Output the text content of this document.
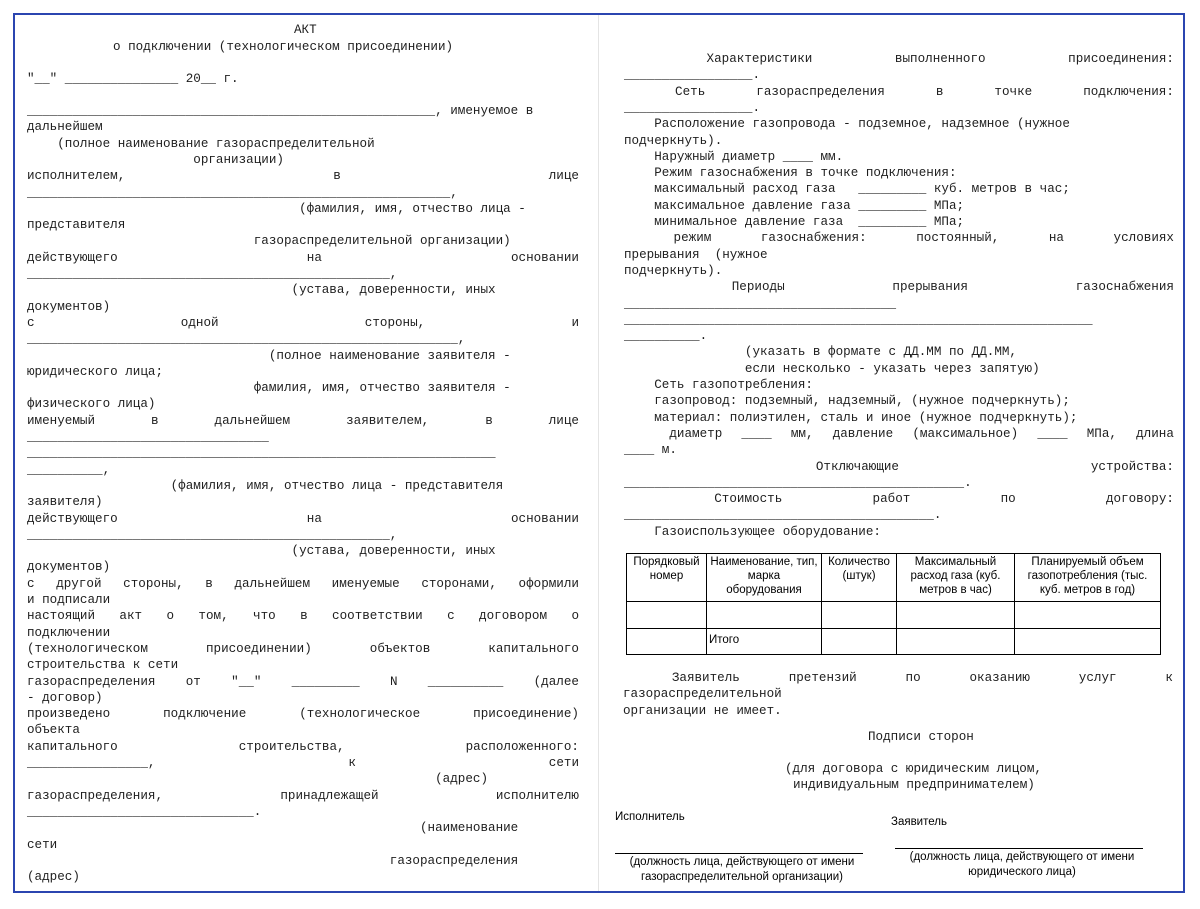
АКТ
о подключении (технологическом присоединении)
"__" _______________ 20__ г.
______________________________________________________, именуемое в
дальнейшем
(полное наименование газораспределительной
организации)
исполнителем,	в	лице
________________________________________________________,
(фамилия, имя, отчество лица -
представителя
газораспределительной организации)
действующего	на	основании
________________________________________________,
(устава, доверенности, иных
документов)
с	одной	стороны,	и
_________________________________________________________,
(полное наименование заявителя -
юридического лица;
фамилия, имя, отчество заявителя -
физического лица)
именуемый	в	дальнейшем	заявителем,	в	лице
________________________________
______________________________________________________________
__________,
(фамилия, имя, отчество лица - представителя
заявителя)
действующего	на	основании
________________________________________________,
(устава, доверенности, иных
документов)
с другой стороны, в дальнейшем именуемые сторонами, оформили
и подписали
настоящий акт о том, что в соответствии с договором о
подключении
(технологическом	присоединении)	объектов	капитального
строительства к сети
газораспределения от "__" _________ N __________ (далее
- договор)
произведено	подключение	(технологическое	присоединение)
объекта
капитального	строительства,	расположенного:
________________,	к	сети
(адрес)
газораспределения,	принадлежащей	исполнителю
______________________________.
(наименование
сети
газораспределения
(адрес)
Характеристики	выполненного	присоединения:
_________________.
Сеть	газораспределения	в	точке	подключения:
_________________.
Расположение газопровода - подземное, надземное (нужное
подчеркнуть).
Наружный диаметр ____ мм.
Режим газоснабжения в точке подключения:
максимальный расход газа   _________ куб. метров в час;
максимальное давление газа _________ МПа;
минимальное давление газа  _________ МПа;
режим	газоснабжения:	постоянный,	на	условиях
прерывания  (нужное
подчеркнуть).
Периоды	прерывания	газоснабжения
____________________________________
______________________________________________________________
__________.
(указать в формате с ДД.ММ по ДД.ММ,
если несколько - указать через запятую)
Сеть газопотребления:
газопровод: подземный, надземный, (нужное подчеркнуть);
материал: полиэтилен, сталь и иное (нужное подчеркнуть);
диаметр ____ мм, давление (максимальное) ____ МПа, длина
____ м.
Отключающие	устройства:
_____________________________________________.
Стоимость	работ	по	договору:
_________________________________________.
Газоиспользующее оборудование:
Порядковый номер	Наименование, тип, марка оборудования	Количество (штук)	Максимальный расход газа (куб. метров в час)	Планируемый объем газопотребления (тыс. куб. метров в год)

	Итого			
Заявитель	претензий	по	оказанию	услуг	к
газораспределительной
организации не имеет.
Подписи сторон
(для договора с юридическим лицом,
индивидуальным предпринимателем)
Исполнитель
(должность лица, действующего от имени
газораспределительной организации)
Заявитель
(должность лица, действующего от имени
юридического лица)
